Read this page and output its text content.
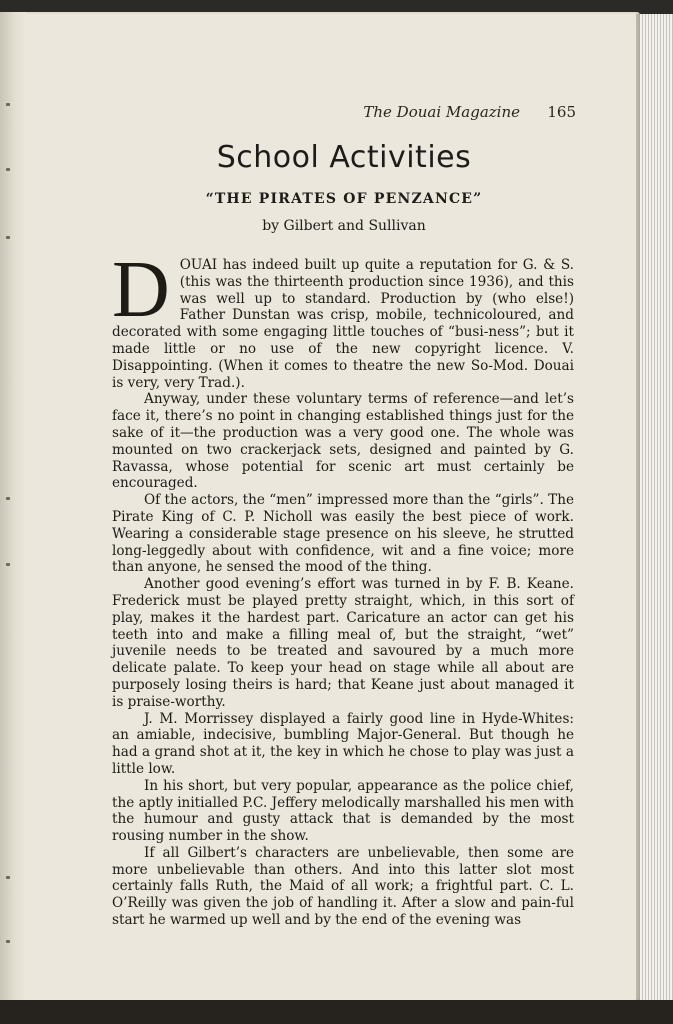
The Douai Magazine 165
School Activities
“THE PIRATES OF PENZANCE”
by Gilbert and Sullivan

DOUAI has indeed built up quite a reputation for G. & S. (this was the thirteenth production since 1936), and this was well up to standard. Production by (who else!) Father Dunstan was crisp, mobile, technicoloured, and decorated with some engaging little touches of “busi-ness”; but it made little or no use of the new copyright licence. V. Disappointing. (When it comes to theatre the new So-Mod. Douai is very, very Trad.).

Anyway, under these voluntary terms of reference—and let’s face it, there’s no point in changing established things just for the sake of it—the production was a very good one. The whole was mounted on two crackerjack sets, designed and painted by G. Ravassa, whose potential for scenic art must certainly be encouraged.

Of the actors, the “men” impressed more than the “girls”. The Pirate King of C. P. Nicholl was easily the best piece of work. Wearing a considerable stage presence on his sleeve, he strutted long-leggedly about with confidence, wit and a fine voice; more than anyone, he sensed the mood of the thing.

Another good evening’s effort was turned in by F. B. Keane. Frederick must be played pretty straight, which, in this sort of play, makes it the hardest part. Caricature an actor can get his teeth into and make a filling meal of, but the straight, “wet” juvenile needs to be treated and savoured by a much more delicate palate. To keep your head on stage while all about are purposely losing theirs is hard; that Keane just about managed it is praise-worthy.

J. M. Morrissey displayed a fairly good line in Hyde-Whites: an amiable, indecisive, bumbling Major-General. But though he had a grand shot at it, the key in which he chose to play was just a little low.

In his short, but very popular, appearance as the police chief, the aptly initialled P.C. Jeffery melodically marshalled his men with the humour and gusty attack that is demanded by the most rousing number in the show.

If all Gilbert’s characters are unbelievable, then some are more unbelievable than others. And into this latter slot most certainly falls Ruth, the Maid of all work; a frightful part. C. L. O’Reilly was given the job of handling it. After a slow and pain-ful start he warmed up well and by the end of the evening was
